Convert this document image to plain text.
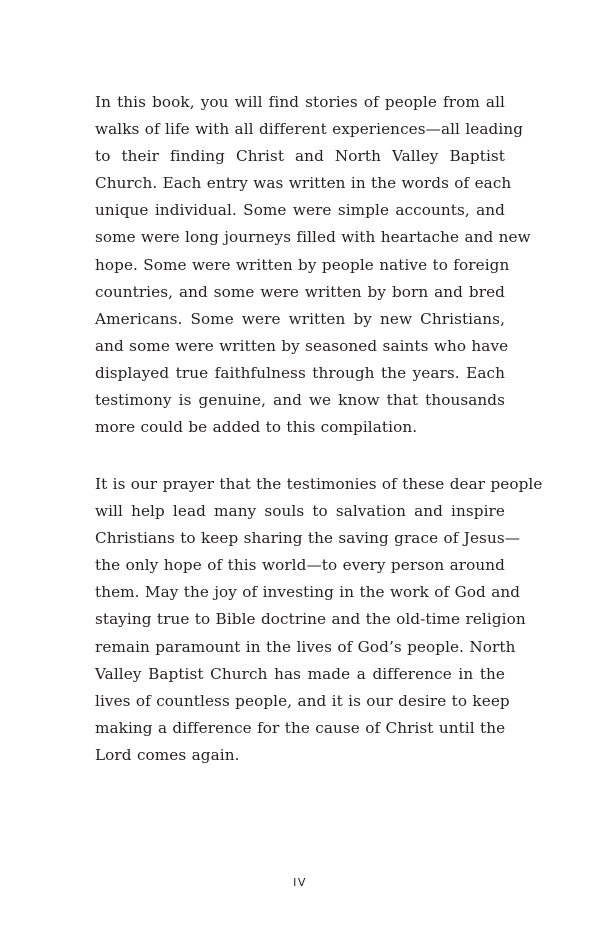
In this book, you will find stories of people from all
walks of life with all different experiences—all leading
to their finding Christ and North Valley Baptist
Church. Each entry was written in the words of each
unique individual. Some were simple accounts, and
some were long journeys filled with heartache and new
hope. Some were written by people native to foreign
countries, and some were written by born and bred
Americans. Some were written by new Christians,
and some were written by seasoned saints who have
displayed true faithfulness through the years. Each
testimony is genuine, and we know that thousands
more could be added to this compilation.

It is our prayer that the testimonies of these dear people
will help lead many souls to salvation and inspire
Christians to keep sharing the saving grace of Jesus—
the only hope of this world—to every person around
them. May the joy of investing in the work of God and
staying true to Bible doctrine and the old-time religion
remain paramount in the lives of God’s people. North
Valley Baptist Church has made a difference in the
lives of countless people, and it is our desire to keep
making a difference for the cause of Christ until the
Lord comes again.

IV
